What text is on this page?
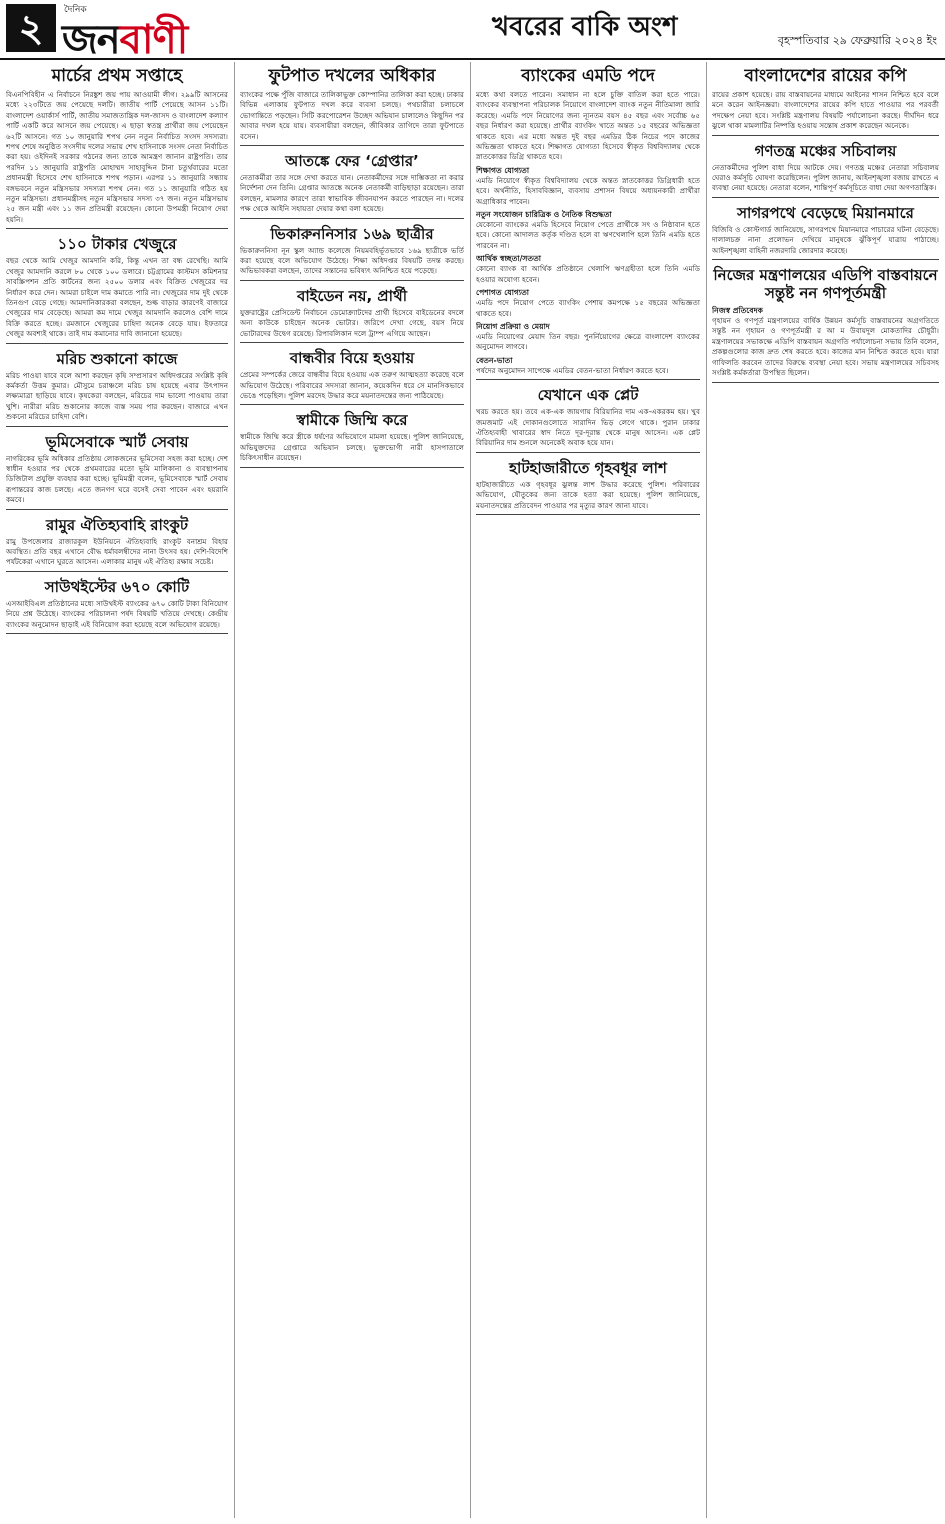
২	দৈনিক
জনবাণী	খবরের বাকি অংশ	বৃহস্পতিবার ২৯ ফেব্রুয়ারি ২০২৪ ইং
মার্চের প্রথম সপ্তাহে

বিএনপিবিহীন এ নির্বাচনে নিরঙ্কুশ জয় পায় আওয়ামী লীগ। ২৯৯টি আসনের মধ্যে ২২৩টিতে জয় পেয়েছে দলটি। জাতীয় পার্টি পেয়েছে আসন ১১টি। বাংলাদেশ ওয়ার্কার্স পার্টি, জাতীয় সমাজতান্ত্রিক দল-জাসদ ও বাংলাদেশ কল্যাণ পার্টি একটি করে আসনে জয় পেয়েছে। এ ছাড়া স্বতন্ত্র প্রার্থীরা জয় পেয়েছেন ৬২টি আসনে। গত ১০ জানুয়ারি শপথ নেন নতুন নির্বাচিত সংসদ সদস্যরা। শপথ শেষে অনুষ্ঠিত সংসদীয় দলের সভায় শেখ হাসিনাকে সংসদ নেতা নির্বাচিত করা হয়। ওইদিনই সরকার গঠনের জন্য তাকে আমন্ত্রণ জানান রাষ্ট্রপতি। তার পরদিন ১১ জানুয়ারি রাষ্ট্রপতি মোহাম্মদ সাহাবুদ্দিন টানা চতুর্থবারের মতো প্রধানমন্ত্রী হিসেবে শেখ হাসিনাকে শপথ পড়ান। এরপর ১১ জানুয়ারি সন্ধ্যায় বঙ্গভবনে নতুন মন্ত্রিসভার সদস্যরা শপথ নেন। গত ১১ জানুয়ারি গঠিত হয় নতুন মন্ত্রিসভা। প্রধানমন্ত্রীসহ নতুন মন্ত্রিসভার সদস্য ৩৭ জন। নতুন মন্ত্রিসভায় ২৫ জন মন্ত্রী এবং ১১ জন প্রতিমন্ত্রী রয়েছেন। কোনো উপমন্ত্রী নিয়োগ দেয়া হয়নি।

১১০ টাকার খেজুরে

বছর থেকে আমি খেজুর আমদানি করি, কিন্তু এখন তা বন্ধ রেখেছি। আমি খেজুর আমদানি করলে ৮০ থেকে ১০০ ডলারে। চট্টগ্রামের কাস্টমস কমিশনার সাবস্ক্রিপশন প্রতি কার্টনের জন্য ২৫০০ ডলার এবং বিক্রিত খেজুরের দর নির্ধারণ করে দেন। আমরা চাইলে দাম কমাতে পারি না। খেজুরের দাম দুই থেকে তিনগুণ বেড়ে গেছে। আমদানিকারকরা বলছেন, শুল্ক বাড়ার কারণেই বাজারে খেজুরের দাম বেড়েছে। আমরা কম দামে খেজুর আমদানি করলেও বেশি দামে বিক্রি করতে হচ্ছে। রমজানে খেজুরের চাহিদা অনেক বেড়ে যায়। ইফতারে খেজুর অবশ্যই থাকে। তাই দাম কমানোর দাবি জানানো হয়েছে।

মরিচ শুকানো কাজে

মরিচ পাওয়া যাবে বলে আশা করছেন কৃষি সম্প্রসারণ অধিদপ্তরের সংশ্লিষ্ট কৃষি কর্মকর্তা উত্তম কুমার। মৌসুমে চরাঞ্চলে মরিচ চাষ হয়েছে এবার উৎপাদন লক্ষ্যমাত্রা ছাড়িয়ে যাবে। কৃষকেরা বলছেন, মরিচের দাম ভালো পাওয়ায় তারা খুশি। নারীরা মরিচ শুকানোর কাজে ব্যস্ত সময় পার করছেন। বাজারে এখন শুকনো মরিচের চাহিদা বেশি।

ভূমিসেবাকে স্মার্ট সেবায়

নাগরিকের ভূমি অধিকার প্রতিষ্ঠায় লোকজনের ভূমিসেবা সহজ করা হচ্ছে। দেশ স্বাধীন হওয়ার পর থেকে প্রথমবারের মতো ভূমি মালিকানা ও ব্যবস্থাপনায় ডিজিটাল প্রযুক্তি ব্যবহার করা হচ্ছে। ভূমিমন্ত্রী বলেন, ভূমিসেবাকে স্মার্ট সেবায় রূপান্তরের কাজ চলছে। এতে জনগণ ঘরে বসেই সেবা পাবেন এবং হয়রানি কমবে।

রামুর ঐতিহ্যবাহি রাংকুট

রামু উপজেলার রাজারকুল ইউনিয়নে ঐতিহ্যবাহি রাংকুট বনাশ্রম বিহার অবস্থিত। প্রতি বছর এখানে বৌদ্ধ ধর্মাবলম্বীদের নানা উৎসব হয়। দেশি-বিদেশি পর্যটকেরা এখানে ঘুরতে আসেন। এলাকার মানুষ এই ঐতিহ্য রক্ষায় সচেষ্ট।

সাউথইস্টের ৬৭০ কোটি

এসআইবিএল প্রতিষ্ঠানের মধ্যে সাউথইস্ট ব্যাংকের ৬৭০ কোটি টাকা বিনিয়োগ নিয়ে প্রশ্ন উঠেছে। ব্যাংকের পরিচালনা পর্ষদ বিষয়টি খতিয়ে দেখছে। কেন্দ্রীয় ব্যাংকের অনুমোদন ছাড়াই এই বিনিয়োগ করা হয়েছে বলে অভিযোগ রয়েছে।

ফুটপাত দখলের অধিকার

ব্যাংকের পক্ষে পুঁজি বাজারে তালিকাভুক্ত কোম্পানির তালিকা করা হচ্ছে। ঢাকার বিভিন্ন এলাকায় ফুটপাত দখল করে ব্যবসা চলছে। পথচারীরা চলাচলে ভোগান্তিতে পড়ছেন। সিটি করপোরেশন উচ্ছেদ অভিযান চালালেও কিছুদিন পর আবার দখল হয়ে যায়। ব্যবসায়ীরা বলছেন, জীবিকার তাগিদে তারা ফুটপাতে বসেন।

আতঙ্কে ফের ‘গ্রেপ্তার’

নেতাকর্মীরা তার সঙ্গে দেখা করতে যান। নেতাকর্মীদের সঙ্গে দাম্ভিকতা না করার নির্দেশনা দেন তিনি। গ্রেপ্তার আতঙ্কে অনেক নেতাকর্মী বাড়িছাড়া রয়েছেন। তারা বলছেন, মামলার কারণে তারা স্বাভাবিক জীবনযাপন করতে পারছেন না। দলের পক্ষ থেকে আইনি সহায়তা দেয়ার কথা বলা হয়েছে।

ভিকারুননিসার ১৬৯ ছাত্রীর

ভিকারুননিসা নূন স্কুল অ্যান্ড কলেজে নিয়মবহির্ভূতভাবে ১৬৯ ছাত্রীকে ভর্তি করা হয়েছে বলে অভিযোগ উঠেছে। শিক্ষা অধিদপ্তর বিষয়টি তদন্ত করছে। অভিভাবকরা বলছেন, তাদের সন্তানের ভবিষ্যৎ অনিশ্চিত হয়ে পড়েছে।

বাইডেন নয়, প্রার্থী

যুক্তরাষ্ট্রের প্রেসিডেন্ট নির্বাচনে ডেমোক্র্যাটদের প্রার্থী হিসেবে বাইডেনের বদলে অন্য কাউকে চাইছেন অনেক ভোটার। জরিপে দেখা গেছে, বয়স নিয়ে ভোটারদের উদ্বেগ রয়েছে। রিপাবলিকান দলে ট্রাম্প এগিয়ে আছেন।

বান্ধবীর বিয়ে হওয়ায়

প্রেমের সম্পর্কের জেরে বান্ধবীর বিয়ে হওয়ায় এক তরুণ আত্মহত্যা করেছে বলে অভিযোগ উঠেছে। পরিবারের সদস্যরা জানান, কয়েকদিন ধরে সে মানসিকভাবে ভেঙে পড়েছিল। পুলিশ মরদেহ উদ্ধার করে ময়নাতদন্তের জন্য পাঠিয়েছে।

স্বামীকে জিম্মি করে

স্বামীকে জিম্মি করে স্ত্রীকে ধর্ষণের অভিযোগে মামলা হয়েছে। পুলিশ জানিয়েছে, অভিযুক্তদের গ্রেপ্তারে অভিযান চলছে। ভুক্তভোগী নারী হাসপাতালে চিকিৎসাধীন রয়েছেন।

ব্যাংকের এমডি পদে

মধ্যে কথা বলতে পারেন। সমাধান না হলে চুক্তি বাতিল করা হতে পারে। ব্যাংকের ব্যবস্থাপনা পরিচালক নিয়োগে বাংলাদেশ ব্যাংক নতুন নীতিমালা জারি করেছে। এমডি পদে নিয়োগের জন্য ন্যূনতম বয়স ৪৫ বছর এবং সর্বোচ্চ ৬৫ বছর নির্ধারণ করা হয়েছে। প্রার্থীর ব্যাংকিং খাতে অন্তত ১৫ বছরের অভিজ্ঞতা থাকতে হবে। এর মধ্যে অন্তত দুই বছর এমডির ঠিক নিচের পদে কাজের অভিজ্ঞতা থাকতে হবে। শিক্ষাগত যোগ্যতা হিসেবে স্বীকৃত বিশ্ববিদ্যালয় থেকে স্নাতকোত্তর ডিগ্রি থাকতে হবে।

শিক্ষাগত যোগ্যতা

এমডি নিয়োগে স্বীকৃত বিশ্ববিদ্যালয় থেকে অন্তত স্নাতকোত্তর ডিগ্রিধারী হতে হবে। অর্থনীতি, হিসাববিজ্ঞান, ব্যবসায় প্রশাসন বিষয়ে অধ্যয়নকারী প্রার্থীরা অগ্রাধিকার পাবেন।

নতুন সংযোজন চারিত্রিক ও নৈতিক বিশুদ্ধতা

যেকোনো ব্যাংকের এমডি হিসেবে নিয়োগ পেতে প্রার্থীকে সৎ ও নিষ্ঠাবান হতে হবে। কোনো আদালত কর্তৃক দণ্ডিত হলে বা ঋণখেলাপি হলে তিনি এমডি হতে পারবেন না।

আর্থিক স্বচ্ছতা/সততা

কোনো ব্যাংক বা আর্থিক প্রতিষ্ঠানে খেলাপি ঋণগ্রহীতা হলে তিনি এমডি হওয়ার অযোগ্য হবেন।

পেশাগত যোগ্যতা

এমডি পদে নিয়োগ পেতে ব্যাংকিং পেশায় কমপক্ষে ১৫ বছরের অভিজ্ঞতা থাকতে হবে।

নিয়োগ প্রক্রিয়া ও মেয়াদ

এমডি নিয়োগের মেয়াদ তিন বছর। পুনর্নিয়োগের ক্ষেত্রে বাংলাদেশ ব্যাংকের অনুমোদন লাগবে।

বেতন-ভাতা

পর্ষদের অনুমোদন সাপেক্ষে এমডির বেতন-ভাতা নির্ধারণ করতে হবে।

যেখানে এক প্লেট

খরচ করতে হয়। তবে এক-এক জায়গায় বিরিয়ানির দাম এক-একরকম হয়। খুব জমজমাট এই দোকানগুলোতে সারাদিন ভিড় লেগে থাকে। পুরান ঢাকার ঐতিহ্যবাহী খাবারের স্বাদ নিতে দূর-দূরান্ত থেকে মানুষ আসেন। এক প্লেট বিরিয়ানির দাম শুনলে অনেকেই অবাক হয়ে যান।

হাটহাজারীতে গৃহবধূর লাশ

হাটহাজারীতে এক গৃহবধূর ঝুলন্ত লাশ উদ্ধার করেছে পুলিশ। পরিবারের অভিযোগ, যৌতুকের জন্য তাকে হত্যা করা হয়েছে। পুলিশ জানিয়েছে, ময়নাতদন্তের প্রতিবেদন পাওয়ার পর মৃত্যুর কারণ জানা যাবে।

বাংলাদেশের রায়ের কপি

রায়ের প্রকাশ হয়েছে। রায় বাস্তবায়নের মাধ্যমে আইনের শাসন নিশ্চিত হবে বলে মনে করেন আইনজ্ঞরা। বাংলাদেশের রায়ের কপি হাতে পাওয়ার পর পরবর্তী পদক্ষেপ নেয়া হবে। সংশ্লিষ্ট মন্ত্রণালয় বিষয়টি পর্যালোচনা করছে। দীর্ঘদিন ধরে ঝুলে থাকা মামলাটির নিষ্পত্তি হওয়ায় সন্তোষ প্রকাশ করেছেন অনেকে।

গণতন্ত্র মঞ্চের সচিবালয়

নেতাকর্মীদের পুলিশ বাধা দিয়ে আটকে দেয়। গণতন্ত্র মঞ্চের নেতারা সচিবালয় ঘেরাও কর্মসূচি ঘোষণা করেছিলেন। পুলিশ জানায়, আইনশৃঙ্খলা বজায় রাখতে এ ব্যবস্থা নেয়া হয়েছে। নেতারা বলেন, শান্তিপূর্ণ কর্মসূচিতে বাধা দেয়া অগণতান্ত্রিক।

সাগরপথে বেড়েছে মিয়ানমারে

বিজিবি ও কোস্টগার্ড জানিয়েছে, সাগরপথে মিয়ানমারে পাচারের ঘটনা বেড়েছে। দালালচক্র নানা প্রলোভন দেখিয়ে মানুষকে ঝুঁকিপূর্ণ যাত্রায় পাঠাচ্ছে। আইনশৃঙ্খলা বাহিনী নজরদারি জোরদার করেছে।

নিজের মন্ত্রণালয়ের এডিপি বাস্তবায়নে সন্তুষ্ট নন গণপূর্তমন্ত্রী
নিজস্ব প্রতিবেদক

গৃহায়ন ও গণপূর্ত মন্ত্রণালয়ের বার্ষিক উন্নয়ন কর্মসূচি বাস্তবায়নের অগ্রগতিতে সন্তুষ্ট নন গৃহায়ন ও গণপূর্তমন্ত্রী র আ ম উবায়দুল মোকতাদির চৌধুরী। মন্ত্রণালয়ের সভাকক্ষে এডিপি বাস্তবায়ন অগ্রগতি পর্যালোচনা সভায় তিনি বলেন, প্রকল্পগুলোর কাজ দ্রুত শেষ করতে হবে। কাজের মান নিশ্চিত করতে হবে। যারা গাফিলতি করবেন তাদের বিরুদ্ধে ব্যবস্থা নেয়া হবে। সভায় মন্ত্রণালয়ের সচিবসহ সংশ্লিষ্ট কর্মকর্তারা উপস্থিত ছিলেন।
